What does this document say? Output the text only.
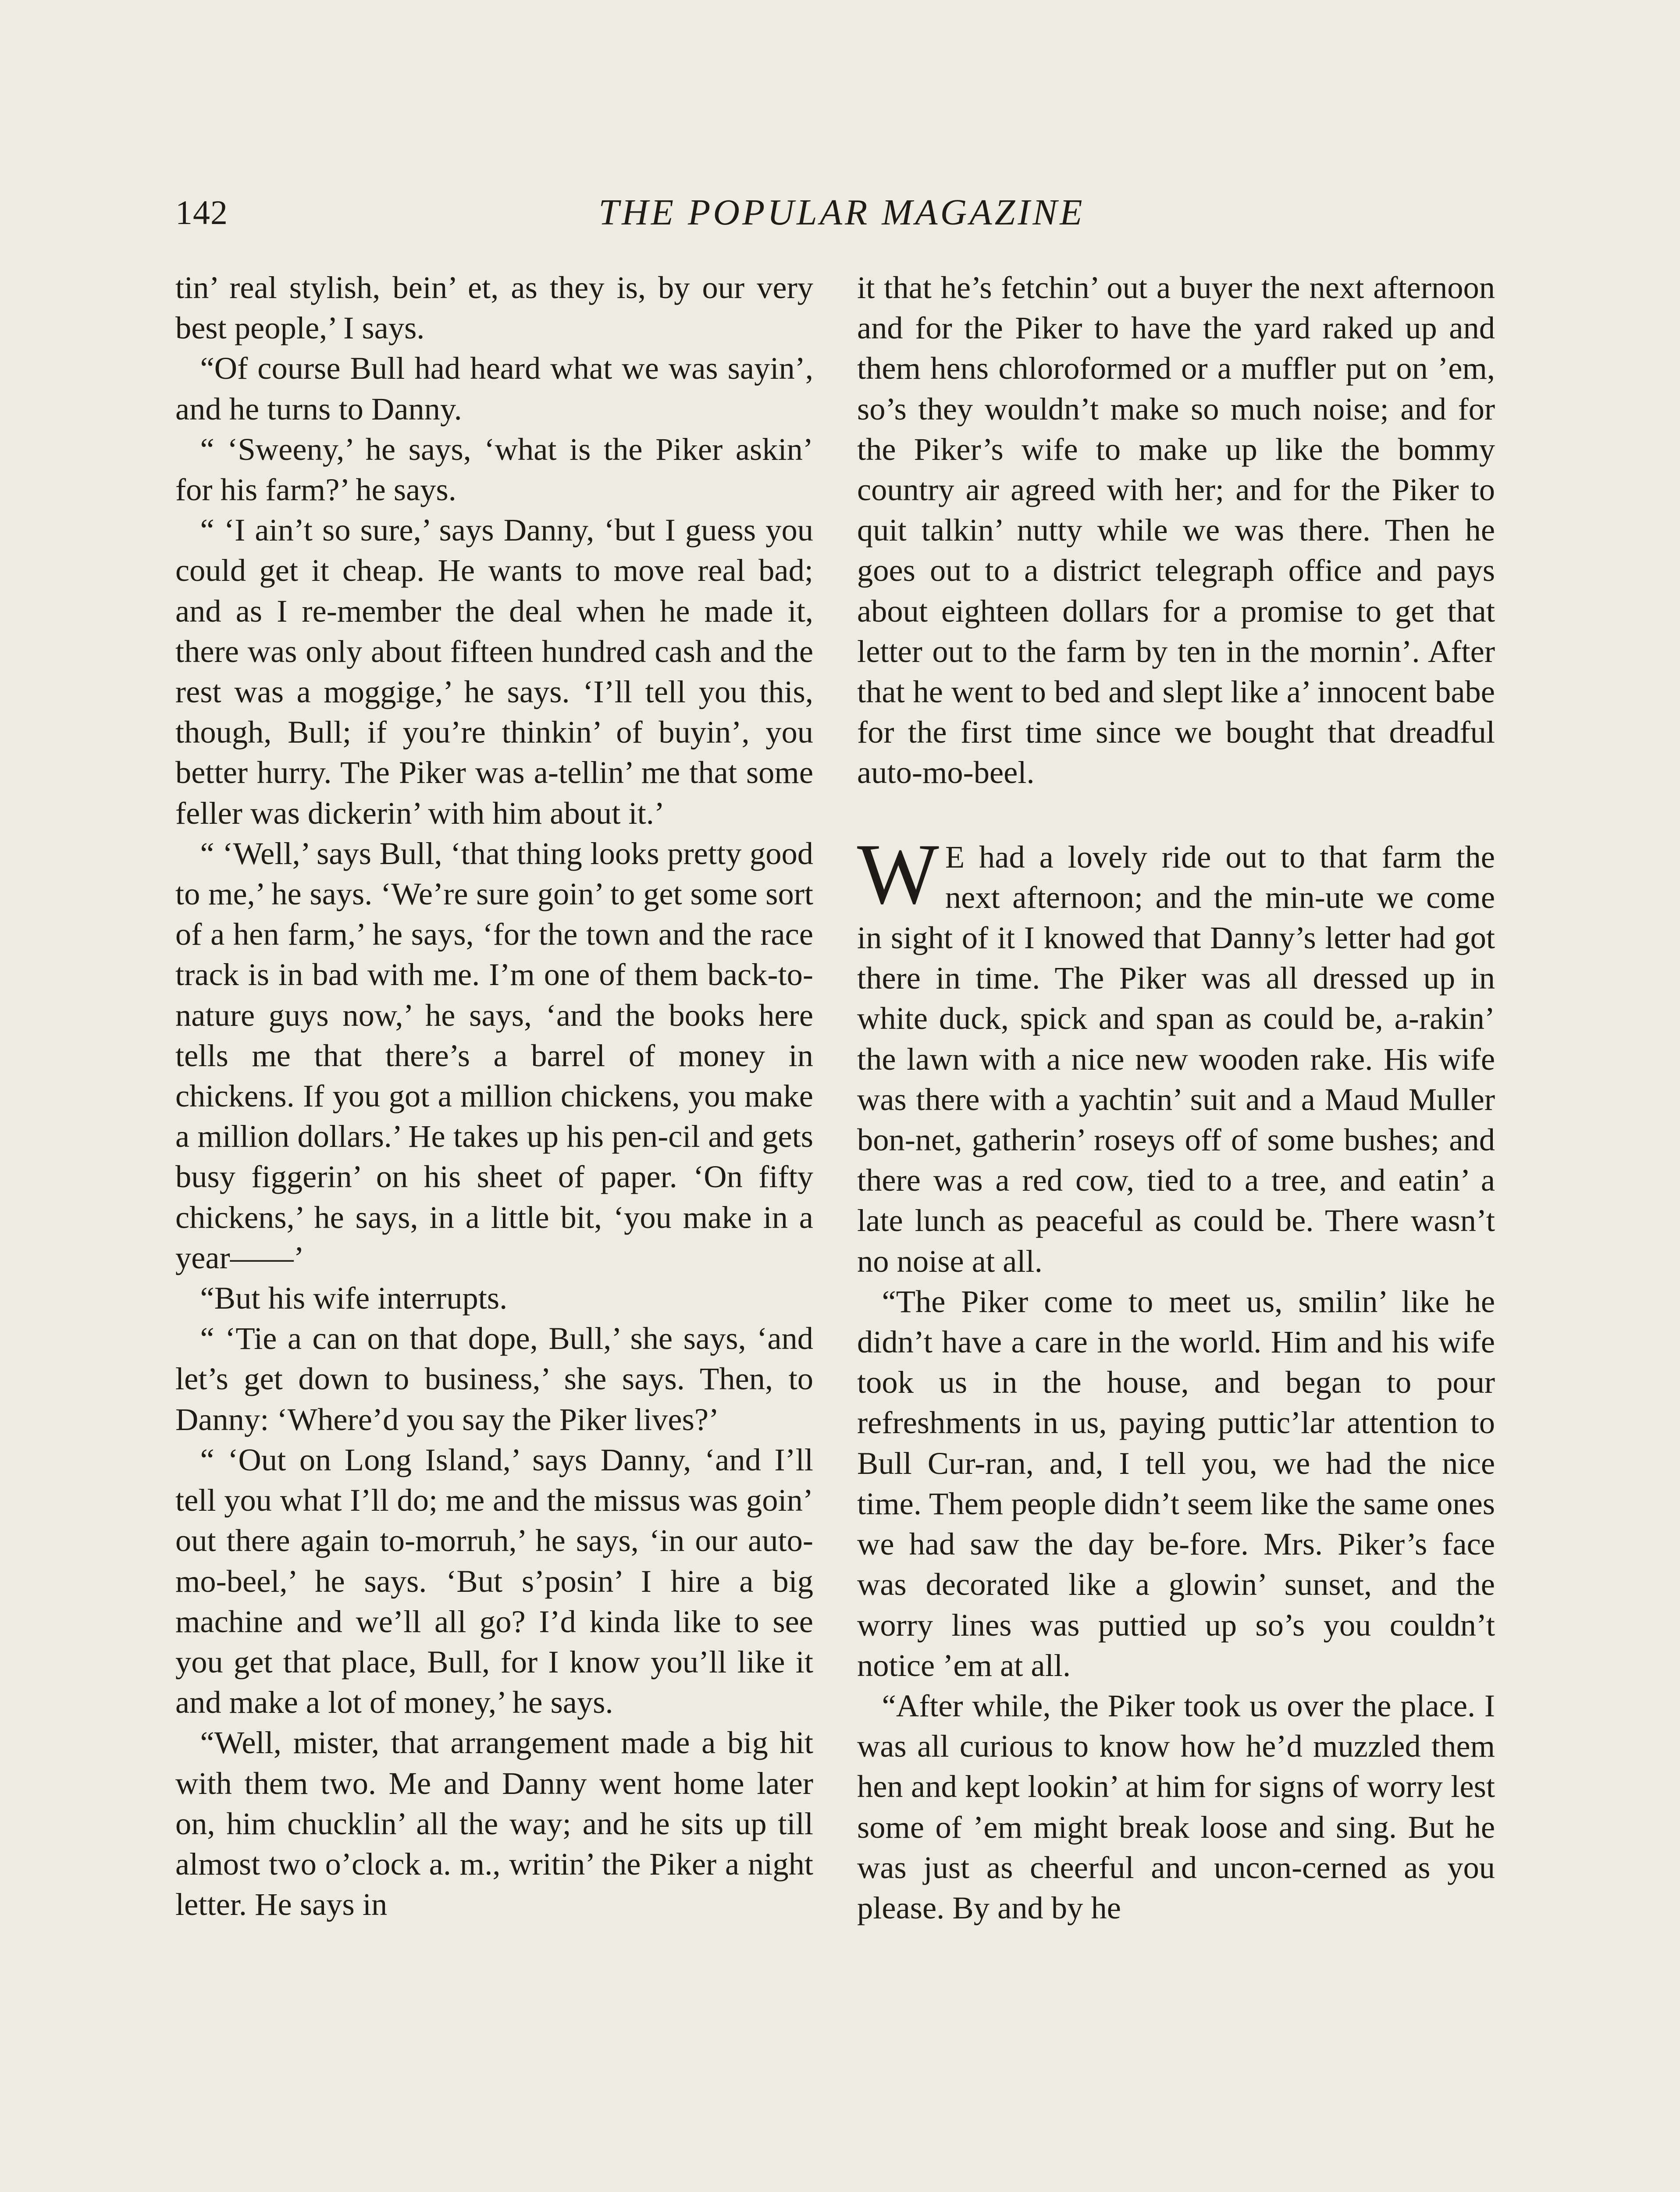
142	THE POPULAR MAGAZINE

tin’ real stylish, bein’ et, as they is, by our very best people,’ I says.

“Of course Bull had heard what we was sayin’, and he turns to Danny.

“ ‘Sweeny,’ he says, ‘what is the Piker askin’ for his farm?’ he says.

“ ‘I ain’t so sure,’ says Danny, ‘but I guess you could get it cheap. He wants to move real bad; and as I re-member the deal when he made it, there was only about fifteen hundred cash and the rest was a moggige,’ he says. ‘I’ll tell you this, though, Bull; if you’re thinkin’ of buyin’, you better hurry. The Piker was a-tellin’ me that some feller was dickerin’ with him about it.’

“ ‘Well,’ says Bull, ‘that thing looks pretty good to me,’ he says. ‘We’re sure goin’ to get some sort of a hen farm,’ he says, ‘for the town and the race track is in bad with me. I’m one of them back-to-nature guys now,’ he says, ‘and the books here tells me that there’s a barrel of money in chickens. If you got a million chickens, you make a million dollars.’ He takes up his pen-cil and gets busy figgerin’ on his sheet of paper. ‘On fifty chickens,’ he says, in a little bit, ‘you make in a year——’

“But his wife interrupts.

“ ‘Tie a can on that dope, Bull,’ she says, ‘and let’s get down to business,’ she says. Then, to Danny: ‘Where’d you say the Piker lives?’

“ ‘Out on Long Island,’ says Danny, ‘and I’ll tell you what I’ll do; me and the missus was goin’ out there again to-morruh,’ he says, ‘in our auto-mo-beel,’ he says. ‘But s’posin’ I hire a big machine and we’ll all go? I’d kinda like to see you get that place, Bull, for I know you’ll like it and make a lot of money,’ he says.

“Well, mister, that arrangement made a big hit with them two. Me and Danny went home later on, him chucklin’ all the way; and he sits up till almost two o’clock a. m., writin’ the Piker a night letter. He says in

it that he’s fetchin’ out a buyer the next afternoon and for the Piker to have the yard raked up and them hens chloroformed or a muffler put on ’em, so’s they wouldn’t make so much noise; and for the Piker’s wife to make up like the bommy country air agreed with her; and for the Piker to quit talkin’ nutty while we was there. Then he goes out to a district telegraph office and pays about eighteen dollars for a promise to get that letter out to the farm by ten in the mornin’. After that he went to bed and slept like a’ innocent babe for the first time since we bought that dreadful auto-mo-beel.

W E had a lovely ride out to that farm the next afternoon; and the min-ute we come in sight of it I knowed that Danny’s letter had got there in time. The Piker was all dressed up in white duck, spick and span as could be, a-rakin’ the lawn with a nice new wooden rake. His wife was there with a yachtin’ suit and a Maud Muller bon-net, gatherin’ roseys off of some bushes; and there was a red cow, tied to a tree, and eatin’ a late lunch as peaceful as could be. There wasn’t no noise at all.

“The Piker come to meet us, smilin’ like he didn’t have a care in the world. Him and his wife took us in the house, and began to pour refreshments in us, paying puttic’lar attention to Bull Cur-ran, and, I tell you, we had the nice time. Them people didn’t seem like the same ones we had saw the day be-fore. Mrs. Piker’s face was decorated like a glowin’ sunset, and the worry lines was puttied up so’s you couldn’t notice ’em at all.

“After while, the Piker took us over the place. I was all curious to know how he’d muzzled them hen and kept lookin’ at him for signs of worry lest some of ’em might break loose and sing. But he was just as cheerful and uncon-cerned as you please. By and by he
